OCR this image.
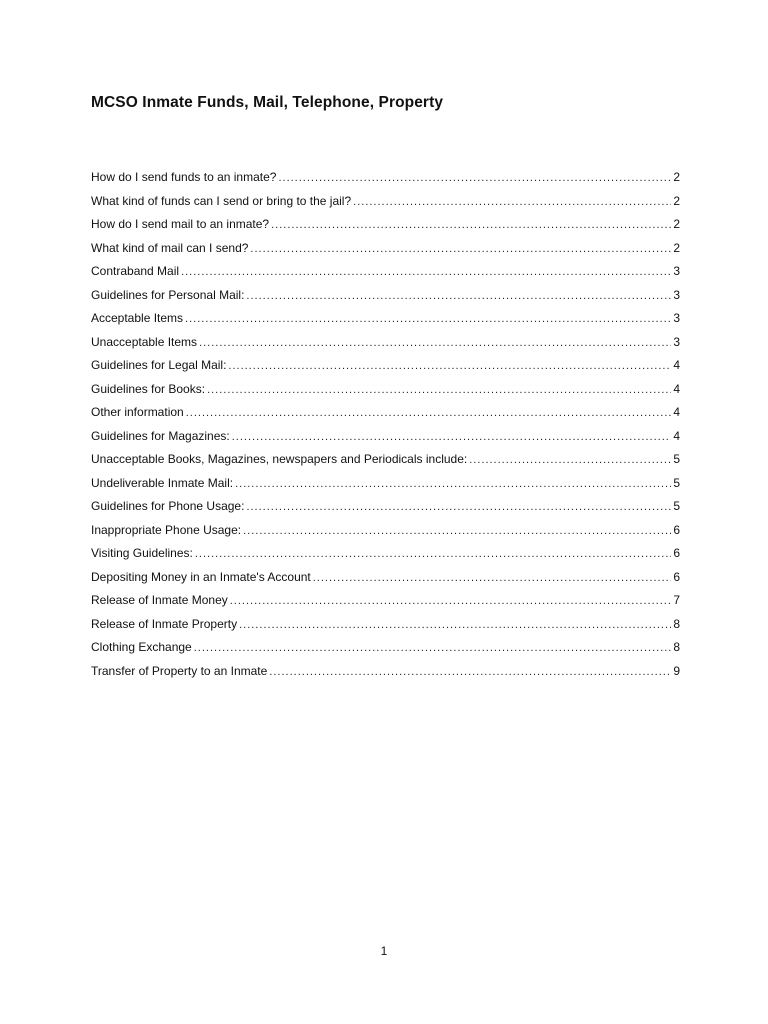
MCSO Inmate Funds, Mail, Telephone, Property
How do I send funds to an inmate? .....	2
What kind of funds can I send or bring to the jail? .....	2
How do I send mail to an inmate? .....	2
What kind of mail can I send? .....	2
Contraband Mail .....	3
Guidelines for Personal Mail: .....	3
Acceptable Items .....	3
Unacceptable Items .....	3
Guidelines for Legal Mail: .....	4
Guidelines for Books: .....	4
Other information .....	4
Guidelines for Magazines: .....	4
Unacceptable Books, Magazines, newspapers and Periodicals include: .....	5
Undeliverable Inmate Mail: .....	5
Guidelines for Phone Usage: .....	5
Inappropriate Phone Usage: .....	6
Visiting Guidelines: .....	6
Depositing Money in an Inmate's Account .....	6
Release of Inmate Money .....	7
Release of Inmate Property .....	8
Clothing Exchange .....	8
Transfer of Property to an Inmate .....	9
1
